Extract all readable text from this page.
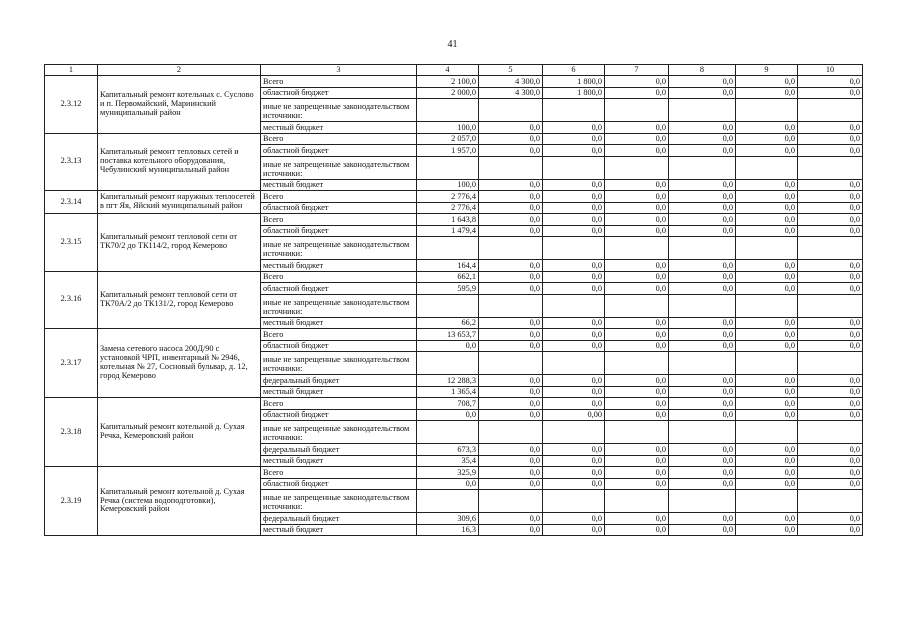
41
1	2	3	4	5	6	7	8	9	10
2.3.12	Капитальный ремонт котельных с. Суслово и п. Первомайский, Мариинский муниципальный район	Всего	2 100,0	4 300,0	1 800,0	0,0	0,0	0,0	0,0
		областной бюджет	2 000,0	4 300,0	1 800,0	0,0	0,0	0,0	0,0
		иные не запрещенные законодательством источники:							
		местный бюджет	100,0	0,0	0,0	0,0	0,0	0,0	0,0
2.3.13	Капитальный ремонт тепловых сетей и поставка котельного оборудования, Чебулинский муниципальный район	Всего	2 057,0	0,0	0,0	0,0	0,0	0,0	0,0
		областной бюджет	1 957,0	0,0	0,0	0,0	0,0	0,0	0,0
		иные не запрещенные законодательством источники:							
		местный бюджет	100,0	0,0	0,0	0,0	0,0	0,0	0,0
2.3.14	Капитальный ремонт наружных теплосетей в пгт Яя, Яйский муниципальный район	Всего	2 776,4	0,0	0,0	0,0	0,0	0,0	0,0
		областной бюджет	2 776,4	0,0	0,0	0,0	0,0	0,0	0,0
2.3.15	Капитальный ремонт тепловой сети от ТК70/2 до ТК114/2, город Кемерово	Всего	1 643,8	0,0	0,0	0,0	0,0	0,0	0,0
		областной бюджет	1 479,4	0,0	0,0	0,0	0,0	0,0	0,0
		иные не запрещенные законодательством источники:							
		местный бюджет	164,4	0,0	0,0	0,0	0,0	0,0	0,0
2.3.16	Капитальный ремонт тепловой сети от ТК70А/2 до ТК131/2, город Кемерово	Всего	662,1	0,0	0,0	0,0	0,0	0,0	0,0
		областной бюджет	595,9	0,0	0,0	0,0	0,0	0,0	0,0
		иные не запрещенные законодательством источники:							
		местный бюджет	66,2	0,0	0,0	0,0	0,0	0,0	0,0
2.3.17	Замена сетевого насоса 200Д/90 с установкой ЧРП, инвентарный № 2946, котельная № 27, Сосновый бульвар, д. 12, город Кемерово	Всего	13 653,7	0,0	0,0	0,0	0,0	0,0	0,0
		областной бюджет	0,0	0,0	0,0	0,0	0,0	0,0	0,0
		иные не запрещенные законодательством источники:							
		федеральный бюджет	12 288,3	0,0	0,0	0,0	0,0	0,0	0,0
		местный бюджет	1 365,4	0,0	0,0	0,0	0,0	0,0	0,0
2.3.18	Капитальный ремонт котельной д. Сухая Речка, Кемеровский район	Всего	708,7	0,0	0,0	0,0	0,0	0,0	0,0
		областной бюджет	0,0	0,0	0,00	0,0	0,0	0,0	0,0
		иные не запрещенные законодательством источники:							
		федеральный бюджет	673,3	0,0	0,0	0,0	0,0	0,0	0,0
		местный бюджет	35,4	0,0	0,0	0,0	0,0	0,0	0,0
2.3.19	Капитальный ремонт котельной д. Сухая Речка (система водоподготовки), Кемеровский район	Всего	325,9	0,0	0,0	0,0	0,0	0,0	0,0
		областной бюджет	0,0	0,0	0,0	0,0	0,0	0,0	0,0
		иные не запрещенные законодательством источники:							
		федеральный бюджет	309,6	0,0	0,0	0,0	0,0	0,0	0,0
		местный бюджет	16,3	0,0	0,0	0,0	0,0	0,0	0,0
